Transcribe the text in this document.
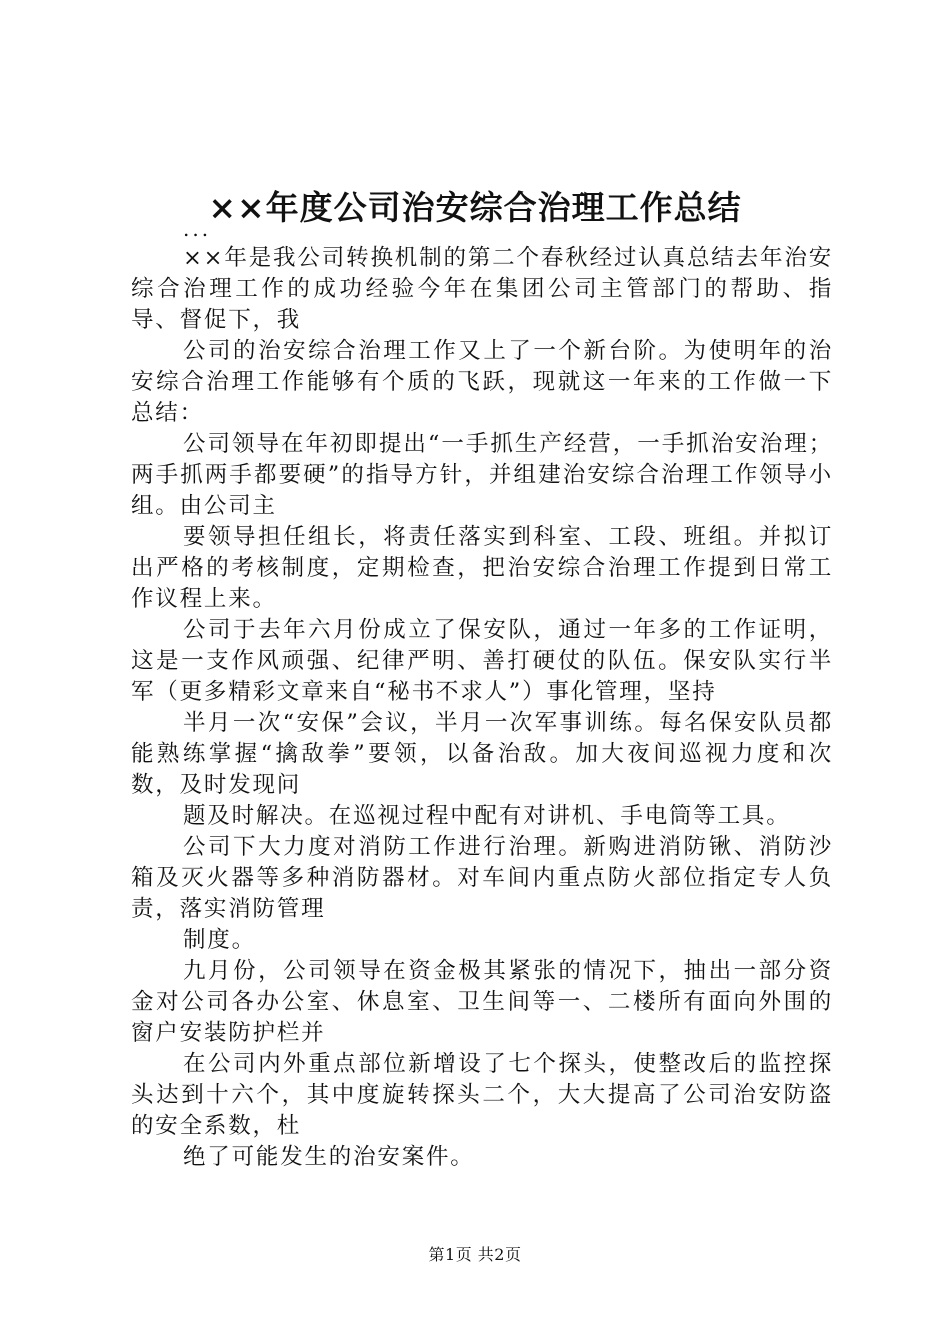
××年度公司治安综合治理工作总结
...

××年是我公司转换机制的第二个春秋经过认真总结去年治安综合治理工作的成功经验今年在集团公司主管部门的帮助、指导、督促下，我

公司的治安综合治理工作又上了一个新台阶。为使明年的治安综合治理工作能够有个质的飞跃，现就这一年来的工作做一下总结：

公司领导在年初即提出“一手抓生产经营，一手抓治安治理；两手抓两手都要硬”的指导方针，并组建治安综合治理工作领导小组。由公司主

要领导担任组长，将责任落实到科室、工段、班组。并拟订出严格的考核制度，定期检查，把治安综合治理工作提到日常工作议程上来。

公司于去年六月份成立了保安队，通过一年多的工作证明，这是一支作风顽强、纪律严明、善打硬仗的队伍。保安队实行半军（更多精彩文章来自“秘书不求人”）事化管理，坚持

半月一次“安保”会议，半月一次军事训练。每名保安队员都能熟练掌握“擒敌拳”要领，以备治敌。加大夜间巡视力度和次数，及时发现问

题及时解决。在巡视过程中配有对讲机、手电筒等工具。

公司下大力度对消防工作进行治理。新购进消防锹、消防沙箱及灭火器等多种消防器材。对车间内重点防火部位指定专人负责，落实消防管理

制度。

九月份，公司领导在资金极其紧张的情况下，抽出一部分资金对公司各办公室、休息室、卫生间等一、二楼所有面向外围的窗户安装防护栏并

在公司内外重点部位新增设了七个探头，使整改后的监控探头达到十六个，其中度旋转探头二个，大大提高了公司治安防盗的安全系数，杜

绝了可能发生的治安案件。

第1页 共2页
